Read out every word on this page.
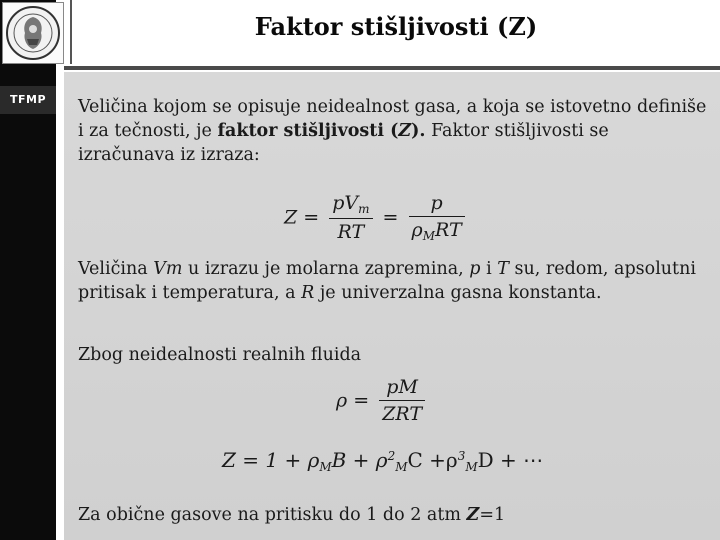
TFMP
Faktor stišljivosti (Z)
Veličina kojom se opisuje neidealnost gasa, a koja se istovetno definiše i za tečnosti, je faktor stišljivosti (Z). Faktor stišljivosti se izračunava iz izraza:
$Z = \frac{pV_m}{RT} = \frac{p}{\rho_MRT}$
Veličina Vm u izrazu je molarna zapremina, p i T su, redom, apsolutni pritisak i temperatura, a R je univerzalna gasna konstanta.
Zbog neidealnosti realnih fluida
$\rho = \frac{pM}{\text{ZRT}}$
$Z = 1 + \rho_MB + \rho^2_MC +\rho^3_MD$ + ⋯
Za obične gasove na pritisku do 1 do 2 atm Z=1
